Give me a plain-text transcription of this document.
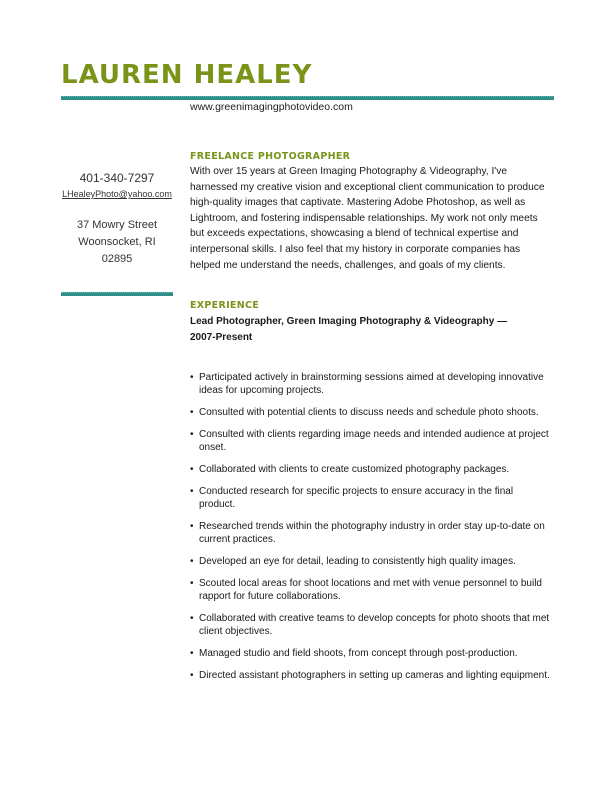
LAUREN HEALEY
www.greenimagingphotovideo.com
401-340-7297
LHealeyPhoto@yahoo.com
37 Mowry Street
Woonsocket, RI
02895
FREELANCE PHOTOGRAPHER

With over 15 years at Green Imaging Photography & Videography, I've harnessed my creative vision and exceptional client communication to produce high-quality images that captivate. Mastering Adobe Photoshop, as well as Lightroom, and fostering indispensable relationships. My work not only meets but exceeds expectations, showcasing a blend of technical expertise and interpersonal skills. I also feel that my history in corporate companies has helped me understand the needs, challenges, and goals of my clients.

EXPERIENCE

Lead Photographer, Green Imaging Photography & Videography — 2007-Present

• Participated actively in brainstorming sessions aimed at developing innovative ideas for upcoming projects.
• Consulted with potential clients to discuss needs and schedule photo shoots.
• Consulted with clients regarding image needs and intended audience at project onset.
• Collaborated with clients to create customized photography packages.
• Conducted research for specific projects to ensure accuracy in the final product.
• Researched trends within the photography industry in order stay up-to-date on current practices.
• Developed an eye for detail, leading to consistently high quality images.
• Scouted local areas for shoot locations and met with venue personnel to build rapport for future collaborations.
• Collaborated with creative teams to develop concepts for photo shoots that met client objectives.
• Managed studio and field shoots, from concept through post-production.
• Directed assistant photographers in setting up cameras and lighting equipment.
